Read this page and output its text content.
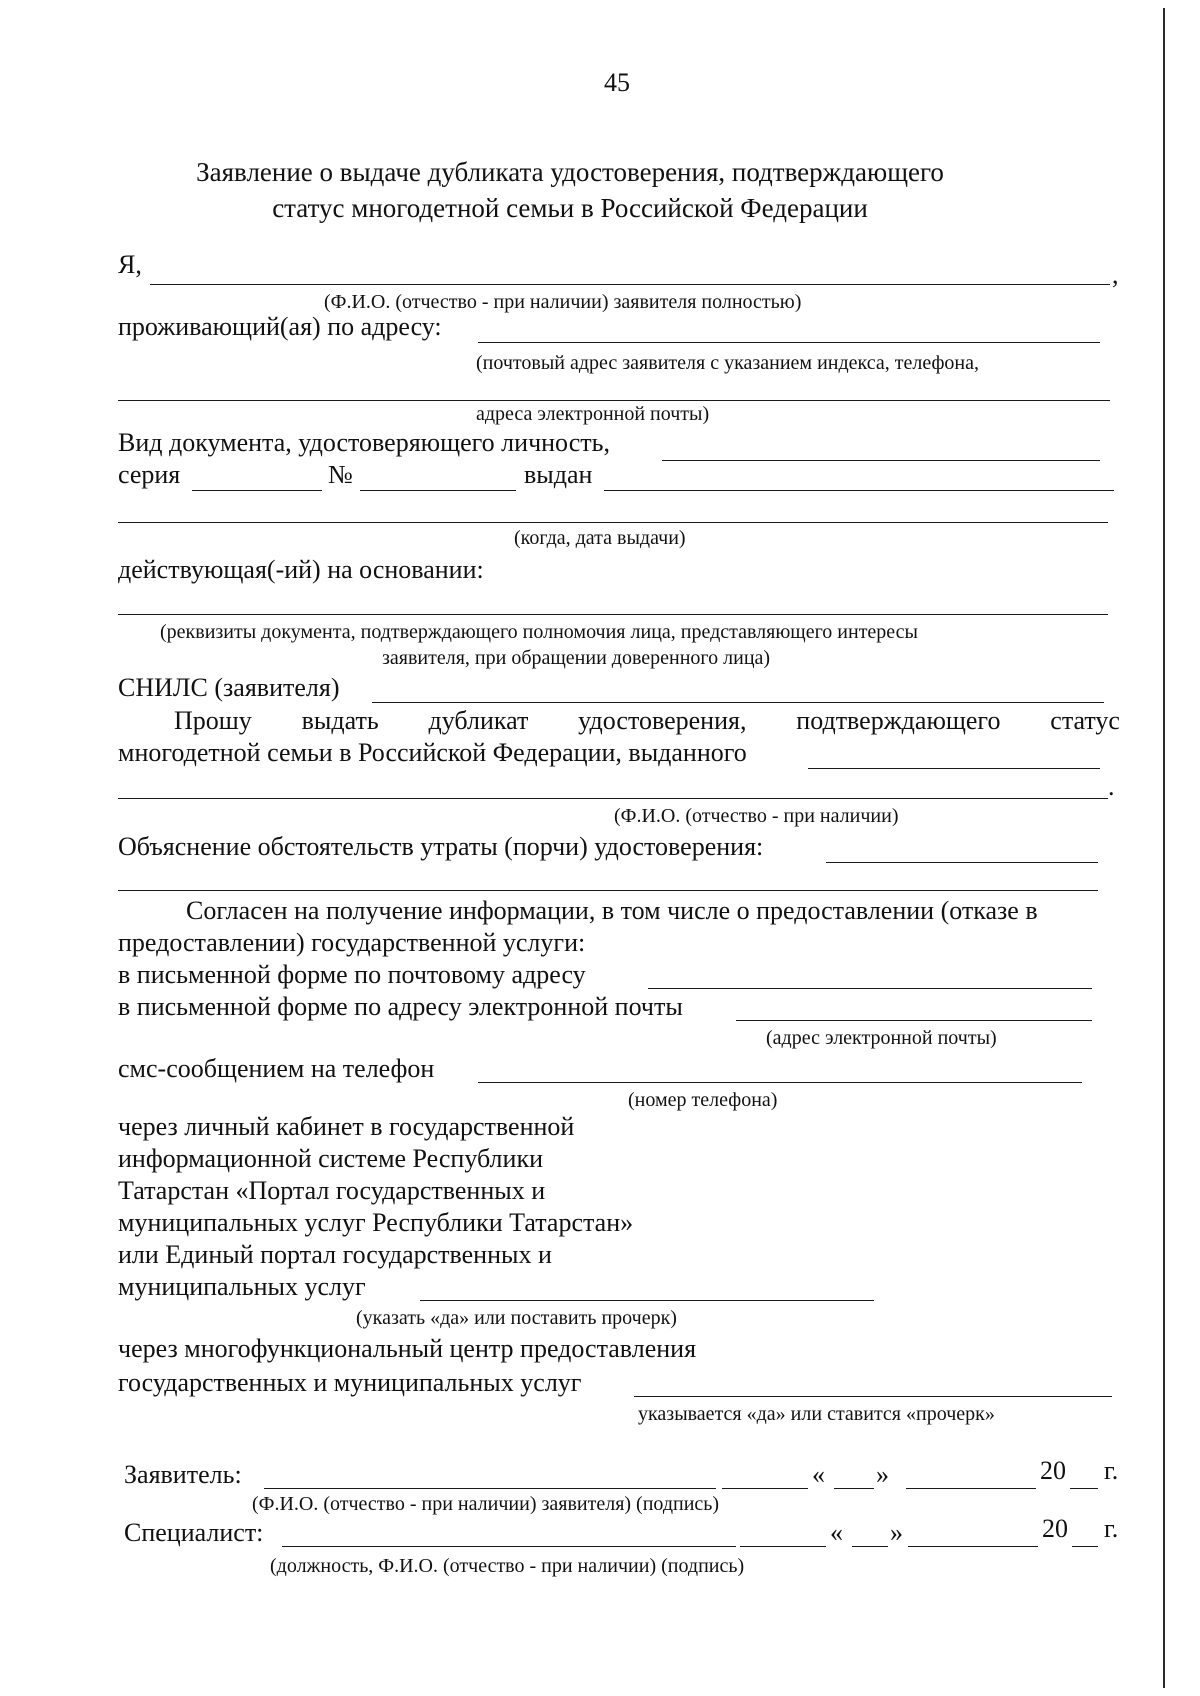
45
Заявление о выдаче дубликата удостоверения, подтверждающего
статус многодетной семьи в Российской Федерации
Я,	,
(Ф.И.О. (отчество - при наличии) заявителя полностью)
проживающий(ая) по адресу:
(почтовый адрес заявителя с указанием индекса, телефона,
адреса электронной почты)
Вид документа, удостоверяющего личность,
серия	№	выдан
(когда, дата выдачи)
действующая(-ий) на основании:
(реквизиты документа, подтверждающего полномочия лица, представляющего интересы
заявителя, при обращении доверенного лица)
СНИЛС (заявителя)
Прошу выдать дубликат удостоверения, подтверждающего статус
многодетной семьи в Российской Федерации, выданного
.
(Ф.И.О. (отчество - при наличии)
Объяснение обстоятельств утраты (порчи) удостоверения:
Согласен на получение информации, в том числе о предоставлении (отказе в
предоставлении) государственной услуги:
в письменной форме по почтовому адресу
в письменной форме по адресу электронной почты
(адрес электронной почты)
смс-сообщением на телефон
(номер телефона)
через личный кабинет в государственной
информационной системе Республики
Татарстан «Портал государственных и
муниципальных услуг Республики Татарстан»
или Единый портал государственных и
муниципальных услуг
(указать «да» или поставить прочерк)
через многофункциональный центр предоставления
государственных и муниципальных услуг
указывается «да» или ставится «прочерк»
Заявитель:	« »	20 г.
(Ф.И.О. (отчество - при наличии) заявителя) (подпись)
Специалист:	« »	20 г.
(должность, Ф.И.О. (отчество - при наличии) (подпись)
